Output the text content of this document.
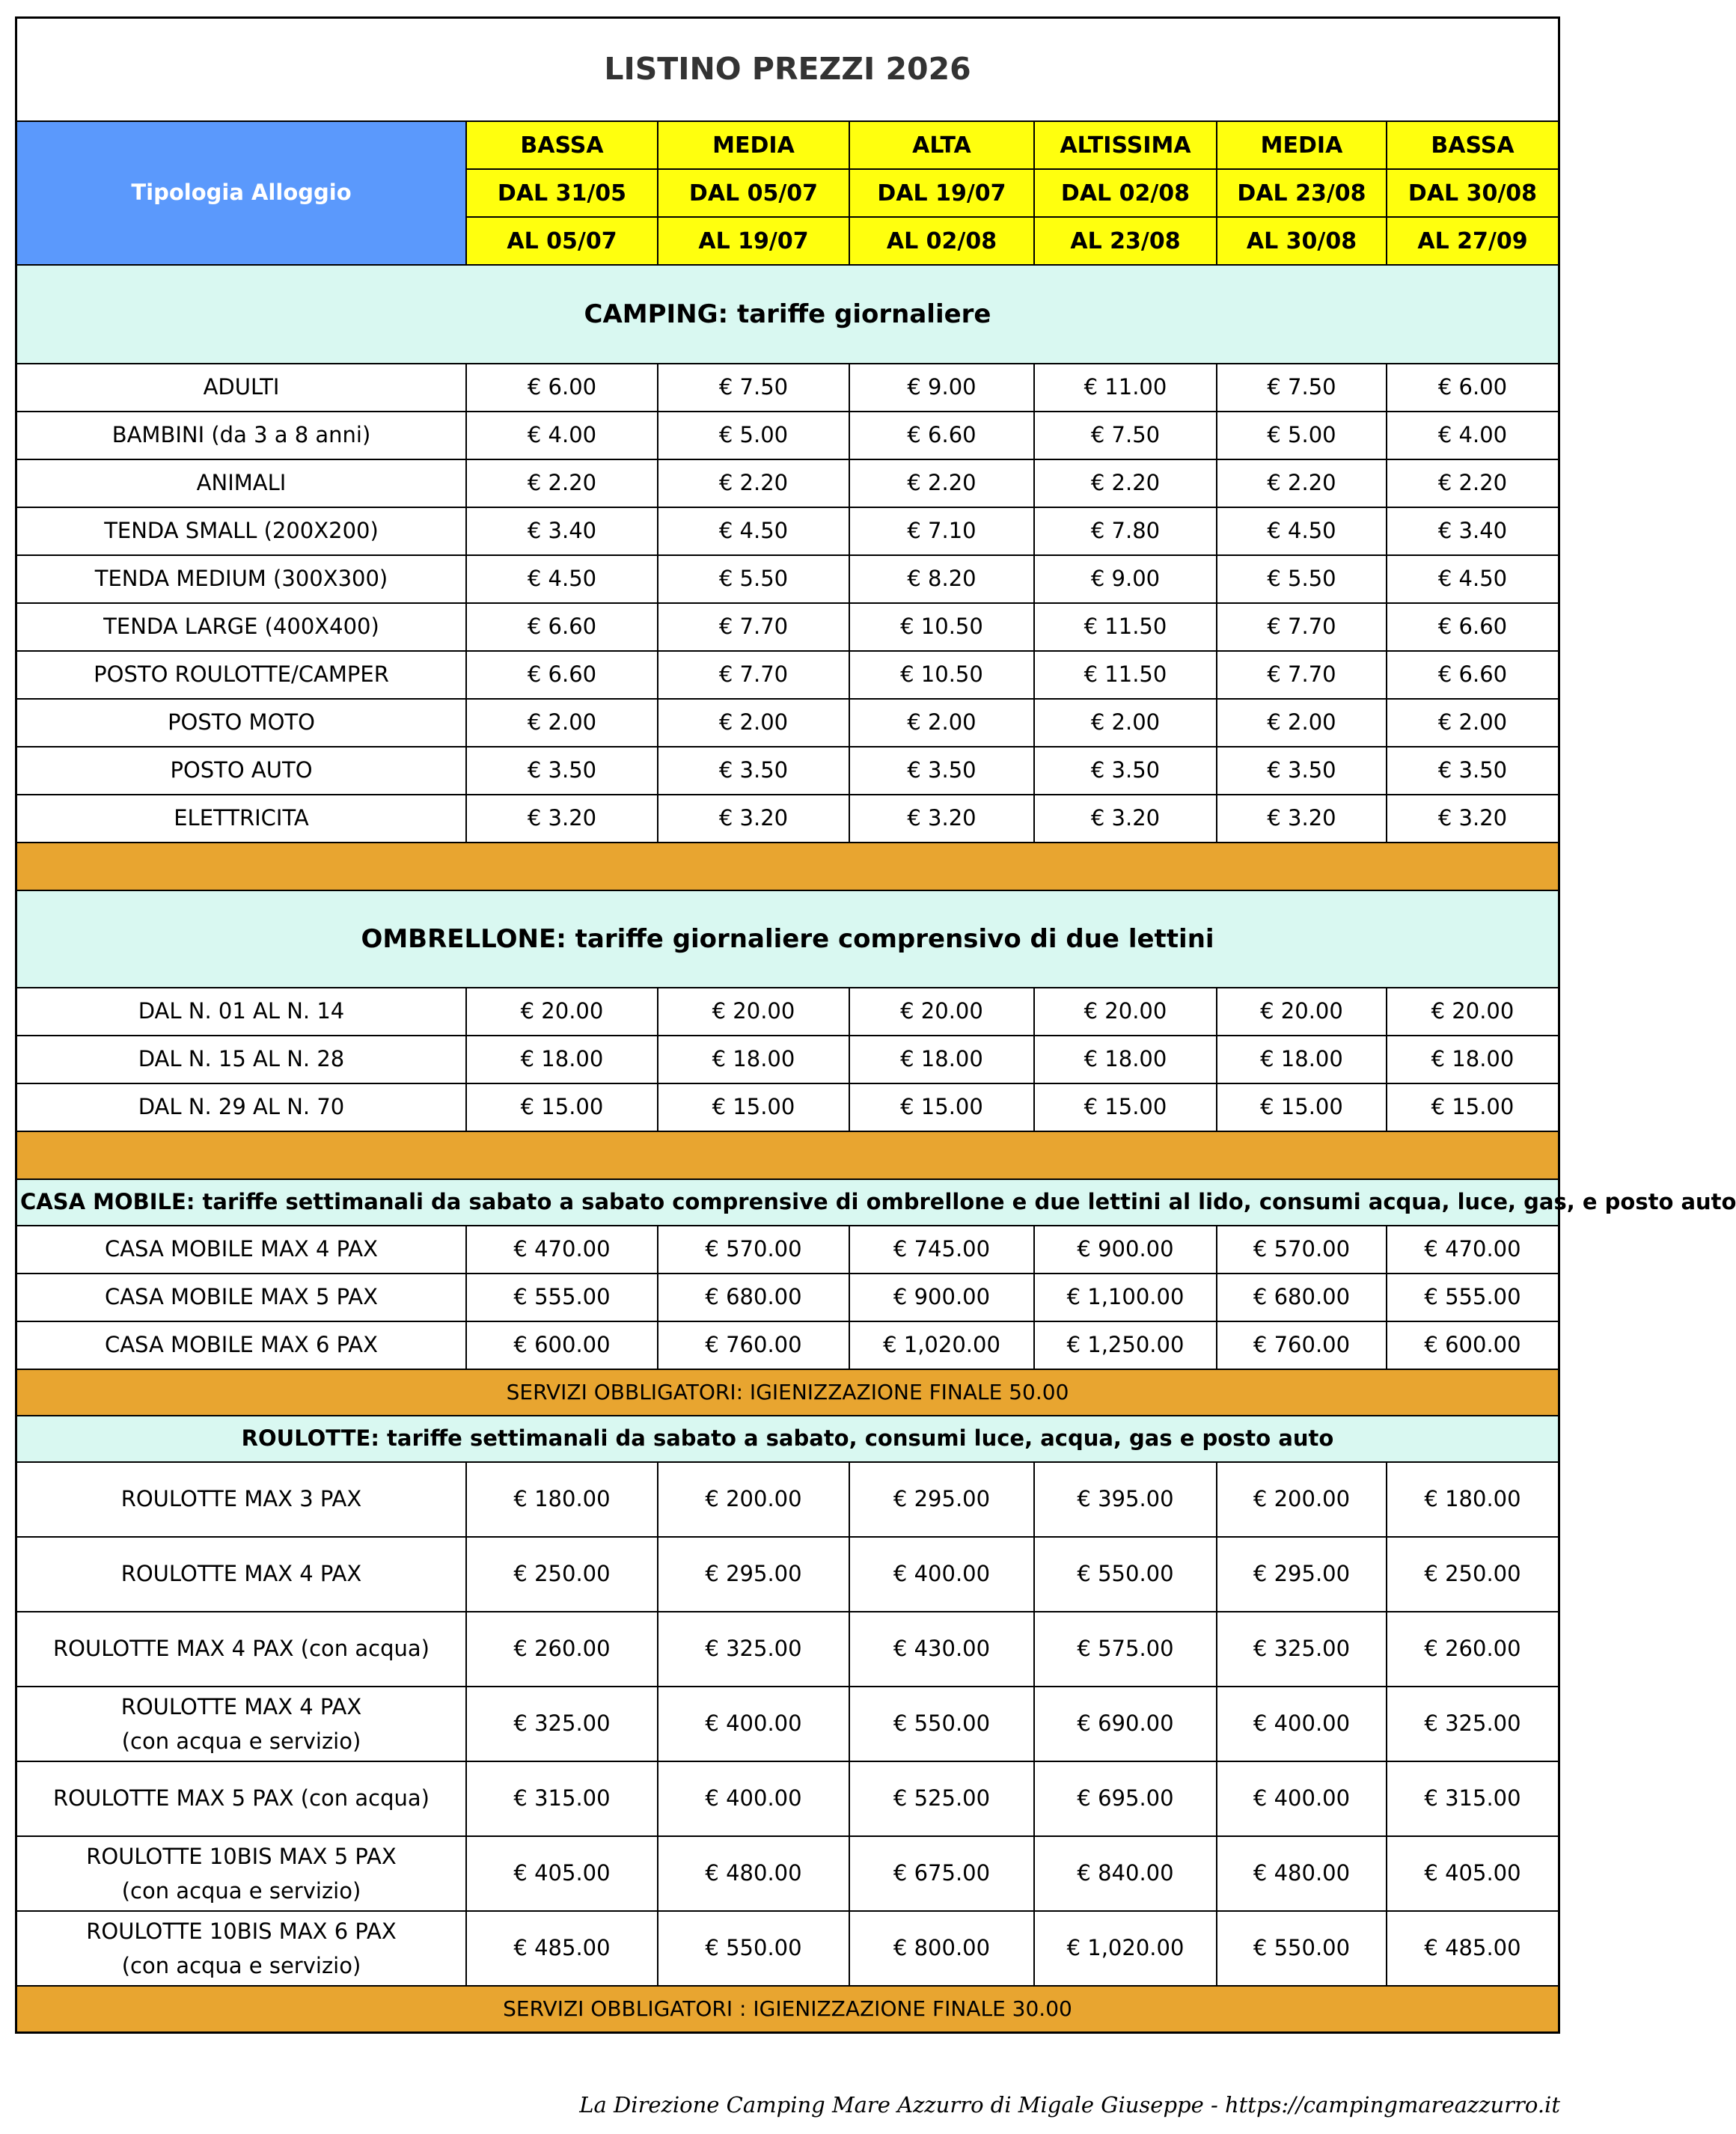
LISTINO PREZZI 2026						
Tipologia Alloggio	BASSA	MEDIA	ALTA	ALTISSIMA	MEDIA	BASSA
	DAL 31/05	DAL 05/07	DAL 19/07	DAL 02/08	DAL 23/08	DAL 30/08
	AL 05/07	AL 19/07	AL 02/08	AL 23/08	AL 30/08	AL 27/09
CAMPING: tariffe giornaliere						
ADULTI	€ 6.00	€ 7.50	€ 9.00	€ 11.00	€ 7.50	€ 6.00
BAMBINI (da 3 a 8 anni)	€ 4.00	€ 5.00	€ 6.60	€ 7.50	€ 5.00	€ 4.00
ANIMALI	€ 2.20	€ 2.20	€ 2.20	€ 2.20	€ 2.20	€ 2.20
TENDA SMALL (200X200)	€ 3.40	€ 4.50	€ 7.10	€ 7.80	€ 4.50	€ 3.40
TENDA MEDIUM (300X300)	€ 4.50	€ 5.50	€ 8.20	€ 9.00	€ 5.50	€ 4.50
TENDA LARGE (400X400)	€ 6.60	€ 7.70	€ 10.50	€ 11.50	€ 7.70	€ 6.60
POSTO ROULOTTE/CAMPER	€ 6.60	€ 7.70	€ 10.50	€ 11.50	€ 7.70	€ 6.60
POSTO MOTO	€ 2.00	€ 2.00	€ 2.00	€ 2.00	€ 2.00	€ 2.00
POSTO AUTO	€ 3.50	€ 3.50	€ 3.50	€ 3.50	€ 3.50	€ 3.50
ELETTRICITA	€ 3.20	€ 3.20	€ 3.20	€ 3.20	€ 3.20	€ 3.20

OMBRELLONE: tariffe giornaliere comprensivo di due lettini						
DAL N. 01 AL N. 14	€ 20.00	€ 20.00	€ 20.00	€ 20.00	€ 20.00	€ 20.00
DAL N. 15 AL N. 28	€ 18.00	€ 18.00	€ 18.00	€ 18.00	€ 18.00	€ 18.00
DAL N. 29 AL N. 70	€ 15.00	€ 15.00	€ 15.00	€ 15.00	€ 15.00	€ 15.00

CASA MOBILE: tariffe settimanali da sabato a sabato comprensive di ombrellone e due lettini al lido, consumi acqua, luce, gas, e posto auto						
CASA MOBILE MAX 4 PAX	€ 470.00	€ 570.00	€ 745.00	€ 900.00	€ 570.00	€ 470.00
CASA MOBILE MAX 5 PAX	€ 555.00	€ 680.00	€ 900.00	€ 1,100.00	€ 680.00	€ 555.00
CASA MOBILE MAX 6 PAX	€ 600.00	€ 760.00	€ 1,020.00	€ 1,250.00	€ 760.00	€ 600.00
SERVIZI OBBLIGATORI: IGIENIZZAZIONE FINALE 50.00						
ROULOTTE: tariffe settimanali da sabato a sabato, consumi luce, acqua, gas e posto auto						
ROULOTTE MAX 3 PAX	€ 180.00	€ 200.00	€ 295.00	€ 395.00	€ 200.00	€ 180.00
ROULOTTE MAX 4 PAX	€ 250.00	€ 295.00	€ 400.00	€ 550.00	€ 295.00	€ 250.00
ROULOTTE MAX 4 PAX (con acqua)	€ 260.00	€ 325.00	€ 430.00	€ 575.00	€ 325.00	€ 260.00

ROULOTTE MAX 4 PAX
(con acqua e servizio)	€ 325.00	€ 400.00	€ 550.00	€ 690.00	€ 400.00	€ 325.00
ROULOTTE MAX 5 PAX (con acqua)	€ 315.00	€ 400.00	€ 525.00	€ 695.00	€ 400.00	€ 315.00

ROULOTTE 10BIS MAX 5 PAX
(con acqua e servizio)	€ 405.00	€ 480.00	€ 675.00	€ 840.00	€ 480.00	€ 405.00

ROULOTTE 10BIS MAX 6 PAX
(con acqua e servizio)	€ 485.00	€ 550.00	€ 800.00	€ 1,020.00	€ 550.00	€ 485.00
SERVIZI OBBLIGATORI : IGIENIZZAZIONE FINALE 30.00						
La Direzione Camping Mare Azzurro di Migale Giuseppe - https://campingmareazzurro.it
